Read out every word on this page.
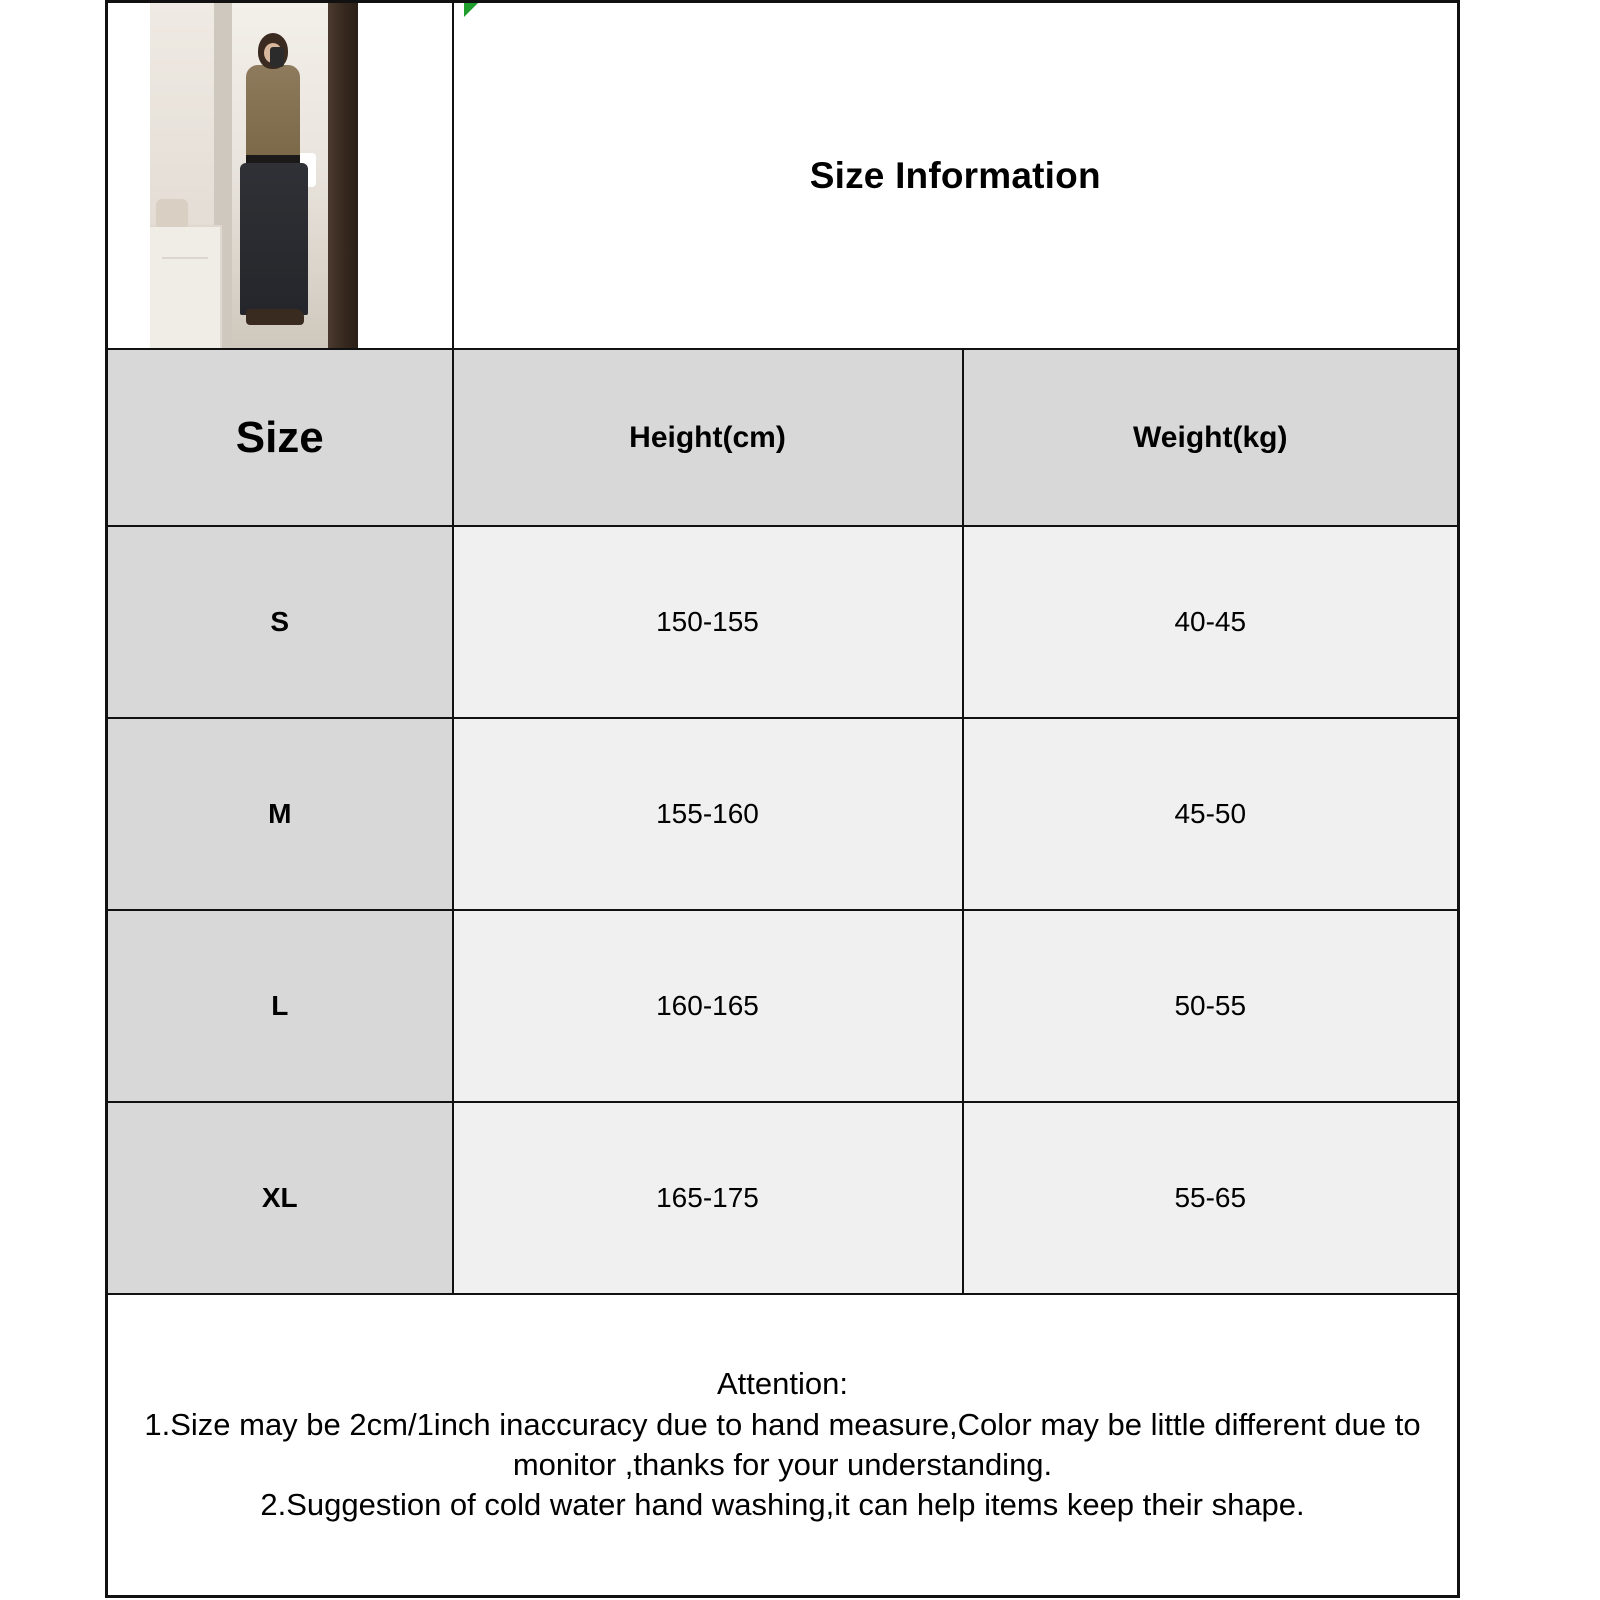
	Size Information	
Size	Height(cm)	Weight(kg)
S	150-155	40-45
M	155-160	45-50
L	160-165	50-55
XL	165-175	55-65

Attention:
1.Size may be 2cm/1inch inaccuracy due to hand measure,Color may be little different due to monitor ,thanks for your understanding.
2.Suggestion of cold water hand washing,it can help items keep their shape.		
